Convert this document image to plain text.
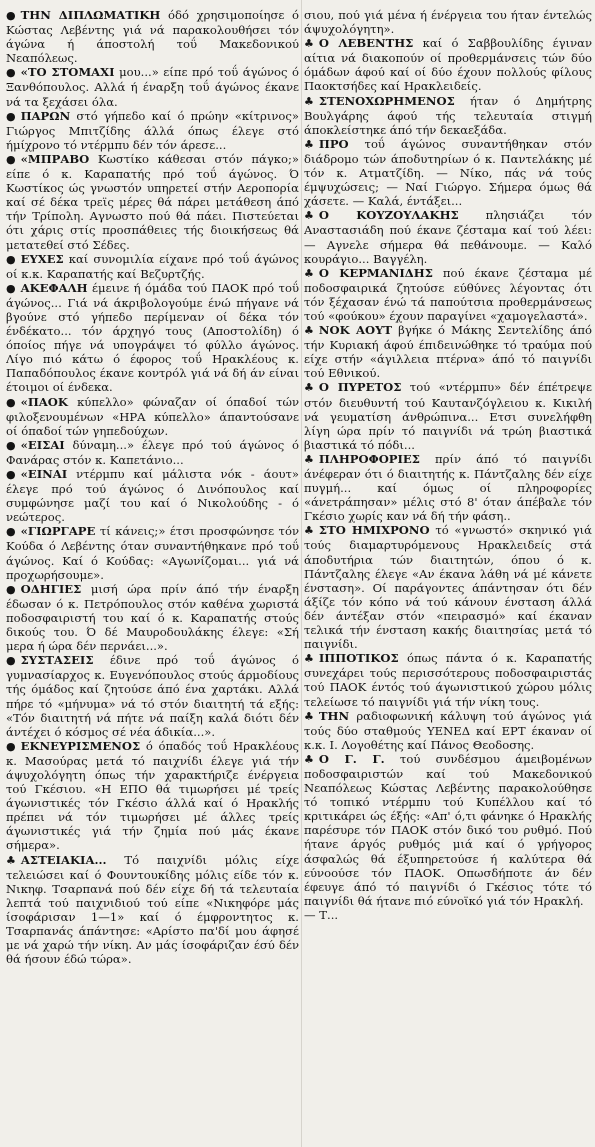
● ΤΗΝ ΔΙΠΛΩΜΑΤΙΚΗ όδό χρησιμοποίησε ό Κώστας Λεβέντης γιά νά παρακολουθήσει τόν άγώνα ή άποστολή τοΰ Μακεδονικού Νεαπόλεως.

● «ΤΟ ΣΤΟΜΑΧΙ μου...» είπε πρό τοΰ άγώνος ό Ξανθόπουλος. Αλλά ή έναρξη τοΰ άγώνος έκανε νά τα ξεχάσει όλα.

● ΠΑΡΩΝ στό γήπεδο καί ό πρώην «κίτρινος» Γιώργος Μπιτζίδης άλλά όπως έλεγε στό ήμίχρονο τό ντέρμπυ δέν τόν άρεσε...

● «ΜΠΡΑΒΟ Κωστίκο κάθεσαι στόν πάγκο;» είπε ό κ. Καραπατής πρό τοΰ άγώνος. Ό Κωστίκος ώς γνωστόν υπηρετεί στήν Αεροπορία καί σέ δέκα τρεϊς μέρες θά πάρει μετάθεση άπό τήν Τρίπολη. Αγνωστο πού θά πάει. Πιστεύεται ότι χάρις στίς προσπάθειες τής διοικήσεως θά μετατεθεί στό Σέδες.

● ΕΥΧΕΣ καί συνομιλία είχανε πρό τοΰ άγώνος οί κ.κ. Καραπατής καί Βεζυρτζής.

● ΑΚΕΦΑΛΗ έμεινε ή όμάδα τού ΠΑΟΚ πρό τοΰ άγώνος... Γιά νά άκριβολογούμε ένώ πήγανε νά βγούνε στό γήπεδο περίμεναν οί δέκα τόν ένδέκατο... τόν άρχηγό τους (Αποστολίδη) ό όποίος πήγε νά υπογράψει τό φύλλο άγώνος. Λίγο πιό κάτω ό έφορος τοΰ Ηρακλέους κ. Παπαδόπουλος έκανε κοντρόλ γιά νά δή άν είναι έτοιμοι οί ένδεκα.

● «ΠΑΟΚ κύπελλο» φώναζαν οί όπαδοί τών φιλοξενουμένων «ΗΡΑ κύπελλο» άπαντούσανε οί όπαδοί τών γηπεδούχων.

● «ΕΙΣΑΙ δύναμη...» έλεγε πρό τού άγώνος ό Φανάρας στόν κ. Καπετάνιο...

● «ΕΙΝΑΙ ντέρμπυ καί μάλιστα νόκ - άουτ» έλεγε πρό τού άγώνος ό Δινόπουλος καί συμφώνησε μαζί του καί ό Νικολούδης - ό νεώτερος.

● «ΓΙΩΡΓΑΡΕ τί κάνεις;» έτσι προσφώνησε τόν Κούδα ό Λεβέντης όταν συναντήθηκανε πρό τοΰ άγώνος. Καί ό Κούδας: «Αγωνίζομαι... γιά νά προχωρήσουμε».

● ΟΔΗΓΙΕΣ μισή ώρα πρίν άπό τήν έναρξη έδωσαν ό κ. Πετρόπουλος στόν καθένα χωριστά ποδοσφαιριστή του καί ό κ. Καραπατής στούς δικούς του. Ό δέ Μαυροδουλάκης έλεγε: «Σή μερα ή ώρα δέν περνάει...».

● ΣΥΣΤΑΣΕΙΣ έδινε πρό τοΰ άγώνος ό γυμνασίαρχος κ. Ευγενόπουλος στούς άρμοδίους τής όμάδος καί ζητούσε άπό ένα χαρτάκι. Αλλά πήρε τό «μήνυμα» νά τό στόν διαιτητή τά εξής: «Τόν διαιτητή νά πήτε νά παίξη καλά διότι δέν άντέχει ό κόσμος σέ νέα άδικία...».

● ΕΚΝΕΥΡΙΣΜΕΝΟΣ ό όπαδός τοΰ Ηρακλέους κ. Μασούρας μετά τό παιχνίδι έλεγε γιά τήν άψυχολόγητη όπως τήν χαρακτήριζε ένέργεια τού Γκέσιου. «Η ΕΠΟ θά τιμωρήσει μέ τρείς άγωνιστικές τόν Γκέσιο άλλά καί ό Ηρακλής πρέπει νά τόν τιμωρήσει μέ άλλες τρείς άγωνιστικές γιά τήν ζημία πού μάς έκανε σήμερα».

♣ ΑΣΤΕΙΑΚΙΑ... Τό παιχνίδι μόλις είχε τελειώσει καί ό Φουντουκίδης μόλις είδε τόν κ. Νικηφ. Τσαρπανά πού δέν είχε δή τά τελευταία λεπτά τού παιχνιδιού τού είπε «Νικηφόρε μάς ίσοφάρισαν 1—1» καί ό έμφροντητος κ. Τσαρπανάς άπάντησε: «Αρίστο πα'δί μου άφησέ με νά χαρώ τήν νίκη. Αν μάς ίσοφάριζαν έσύ δέν θά ήσουν έδώ τώρα».

σιου, πού γιά μένα ή ένέργεια του ήταν έντελώς άψυχολόγητη».

♣ Ο ΛΕΒΕΝΤΗΣ καί ό Σαββουλίδης έγιναν αίτια νά διακοπούν οί προθερμάνσεις τών δύο όμάδων άφού καί οί δύο έχουν πολλούς φίλους Παοκτσήδες καί Ηρακλειδείς.

♣ ΣΤΕΝΟΧΩΡΗΜΕΝΟΣ ήταν ό Δημήτρης Βουλγάρης άφού τής τελευταία στιγμή άποκλείστηκε άπό τήν δεκαεξάδα.

♣ ΠΡΟ τοΰ άγώνος συναντήθηκαν στόν διάδρομο τών άποδυτηρίων ό κ. Παντελάκης μέ τόν κ. Ατματζίδη. — Νίκο, πάς νά τούς έμψυχώσεις; — Ναί Γιώργο. Σήμερα όμως θά χάσετε. — Καλά, έντάξει...

♣ Ο ΚΟΥΖΟΥΛΑΚΗΣ πλησιάζει τόν Αναστασιάδη πού έκανε ζέσταμα καί τού λέει: — Αγνελε σήμερα θά πεθάνουμε. — Καλό κουράγιο... Βαγγέλη.

♣ Ο ΚΕΡΜΑΝΙΔΗΣ πού έκανε ζέσταμα μέ ποδοσφαιρικά ζητούσε εύθύνες λέγοντας ότι τόν ξέχασαν ένώ τά παπούτσια προθερμάνσεως τού «φούκου» έχουν παραγίνει «χαμογελαστά».

♣ ΝΟΚ ΑΟΥΤ βγήκε ό Μάκης Σεντελίδης άπό τήν Κυριακή άφού έπιδεινώθηκε τό τραύμα πού είχε στήν «άγιλλεια πτέρνα» άπό τό παιγνίδι τού Εθνικού.

♣ Ο ΠΥΡΕΤΟΣ τού «ντέρμπυ» δέν έπέτρεψε στόν διευθυντή τού Καυτανζόγλειου κ. Κικιλή νά γευματίση άνθρώπινα... Ετσι συνελήφθη λίγη ώρα πρίν τό παιγνίδι νά τρώη βιαστικά βιαστικά τό πόδι...

♣ ΠΛΗΡΟΦΟΡΙΕΣ πρίν άπό τό παιγνίδι άνέφεραν ότι ό διαιτητής κ. Πάντζαλης δέν είχε πυγμή... καί όμως οί πληροφορίες «άνετράπησαν» μέλις στό 8' όταν άπέβαλε τόν Γκέσιο χωρίς καν νά δή τήν φάση..

♣ ΣΤΟ ΗΜΙΧΡΟΝΟ τό «γνωστό» σκηνικό γιά τούς διαμαρτυρόμενους Ηρακλειδείς στά άποδυτήρια τών διαιτητών, όπου ό κ. Πάντζαλης έλεγε «Αν έκανα λάθη νά μέ κάνετε ένσταση». Οί παράγοντες άπάντησαν ότι δέν άξίζε τόν κόπο νά τού κάνουν ένσταση άλλά δέν άντέξαν στόν «πειρασμό» καί έκαναν τελικά τήν ένσταση κακής διαιτησίας μετά τό παιγνίδι.

♣ ΙΠΠΟΤΙΚΟΣ όπως πάντα ό κ. Καραπατής συνεχάρει τούς περισσότερους ποδοσφαιριστάς τού ΠΑΟΚ έντός τού άγωνιστικού χώρου μόλις τελείωσε τό παιγνίδι γιά τήν νίκη τους.

♣ ΤΗΝ ραδιοφωνική κάλυψη τού άγώνος γιά τούς δύο σταθμούς ΥΕΝΕΔ καί ΕΡΤ έκαναν οί κ.κ. Ι. Λογοθέτης καί Πάνος Θεοδοσης.

♣ Ο Γ. Γ. τού συνδέσμου άμειβομένων ποδοσφαιριστών καί τού Μακεδονικού Νεαπόλεως Κώστας Λεβέντης παρακολούθησε τό τοπικό ντέρμπυ τού Κυπέλλου καί τό κριτικάρει ώς έξής: «Απ' ό,τι φάνηκε ό Ηρακλής παρέσυρε τόν ΠΑΟΚ στόν δικό του ρυθμό. Πού ήτανε άργός ρυθμός μιά καί ό γρήγορος άσφαλώς θά έξυπηρετούσε ή καλύτερα θά εύνοούσε τόν ΠΑΟΚ. Οπωσδήποτε άν δέν έφευγε άπό τό παιγνίδι ό Γκέσιος τότε τό παιγνίδι θά ήτανε πιό εύνοϊκό γιά τόν Ηρακλή.

— Τ...
